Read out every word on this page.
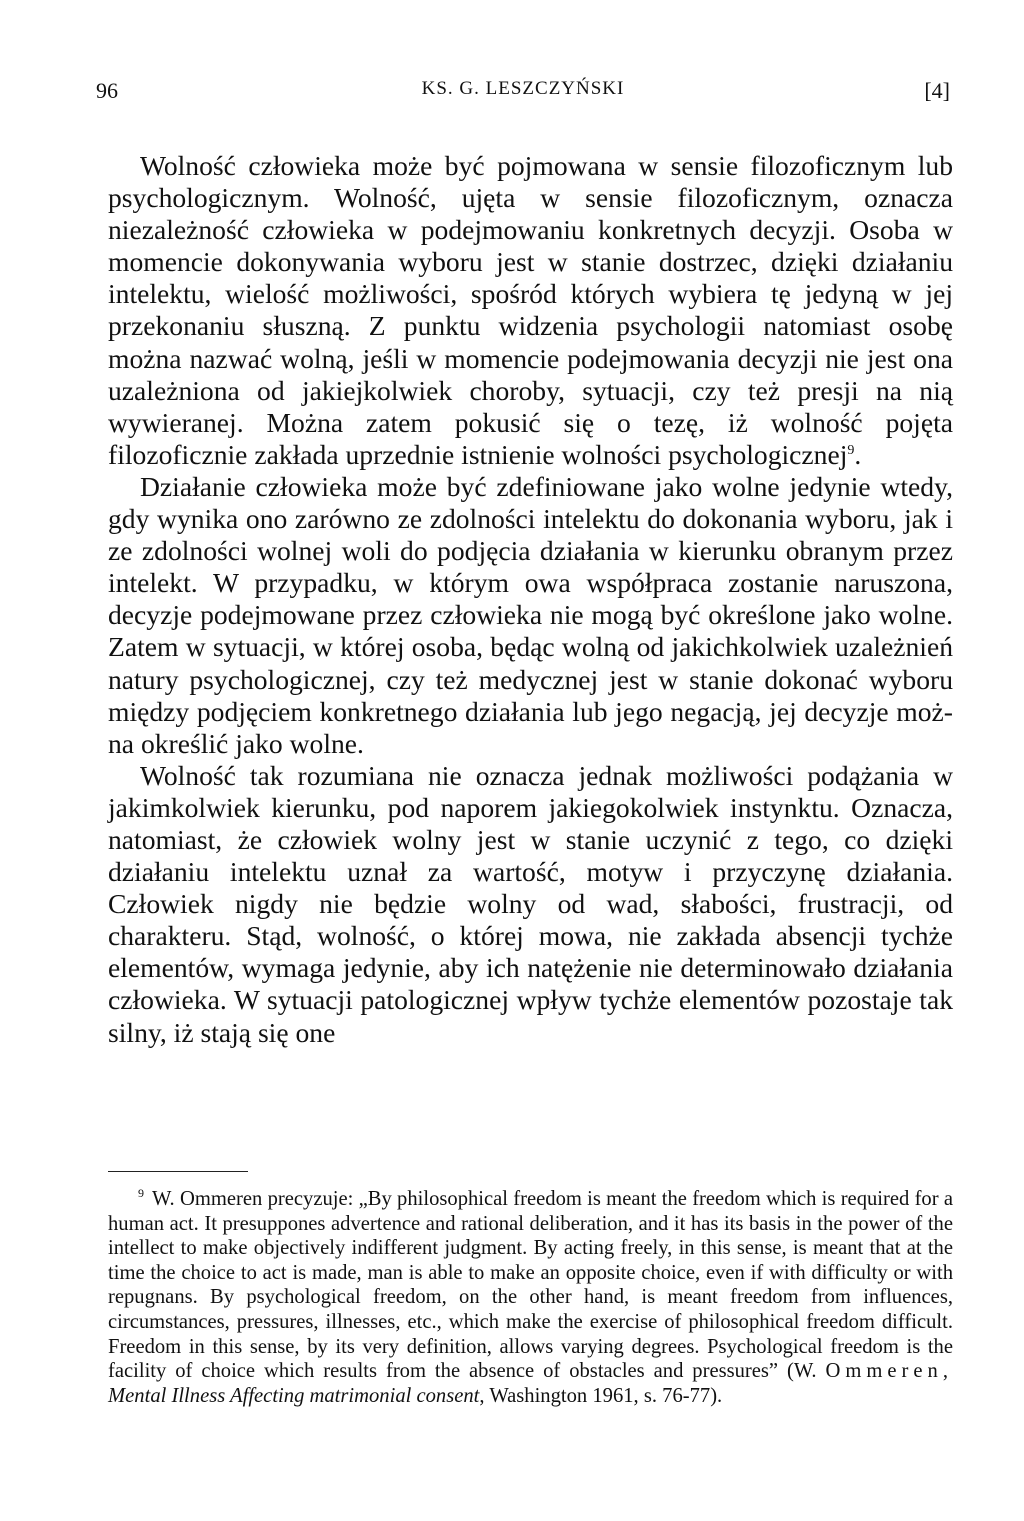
96	KS. G. LESZCZYŃSKI	[4]

Wolność człowieka może być pojmowana w sensie filozoficznym lub psychologicznym. Wolność, ujęta w sensie filozoficznym, oznacza niezależność człowieka w podejmowaniu konkretnych decyzji. Osoba w momencie dokonywania wyboru jest w stanie dostrzec, dzięki działaniu intelektu, wielość możliwości, spośród których wybiera tę jedyną w jej przekonaniu słuszną. Z punktu widzenia psychologii natomiast osobę można nazwać wolną, jeśli w momencie podejmowania decyzji nie jest ona uzależniona od jakiejkolwiek choroby, sytuacji, czy też presji na nią wywieranej. Można zatem pokusić się o tezę, iż wolność pojęta filozoficznie zakłada uprzednie istnienie wolności psychologicznej$^9$.

Działanie człowieka może być zdefiniowane jako wolne jedynie wtedy, gdy wynika ono zarówno ze zdolności intelektu do dokonania wyboru, jak i ze zdolności wolnej woli do podjęcia działania w kierunku obranym przez intelekt. W przypadku, w którym owa współpraca zostanie naruszona, decyzje podejmowane przez człowieka nie mogą być określone jako wolne. Zatem w sytuacji, w której osoba, będąc wolną od jakichkolwiek uzależnień natury psychologicznej, czy też medycznej jest w stanie dokonać wyboru między podjęciem konkretnego działania lub jego negacją, jej decyzje można określić jako wolne.

Wolność tak rozumiana nie oznacza jednak możliwości podążania w jakimkolwiek kierunku, pod naporem jakiegokolwiek instynktu. Oznacza, natomiast, że człowiek wolny jest w stanie uczynić z tego, co dzięki działaniu intelektu uznał za wartość, motyw i przyczynę działania. Człowiek nigdy nie będzie wolny od wad, słabości, frustracji, od charakteru. Stąd, wolność, o której mowa, nie zakłada absencji tychże elementów, wymaga jedynie, aby ich natężenie nie determinowało działania człowieka. W sytuacji patologicznej wpływ tychże elementów pozostaje tak silny, iż stają się one

$^9$ W. Ommeren precyzuje: „By philosophical freedom is meant the freedom which is required for a human act. It presuppones advertence and rational deliberation, and it has its basis in the power of the intellect to make objectively indifferent judgment. By acting freely, in this sense, is meant that at the time the choice to act is made, man is able to make an opposite choice, even if with difficulty or with repugnans. By psychological freedom, on the other hand, is meant freedom from influences, circumstances, pressures, illnesses, etc., which make the exercise of philosophical freedom difficult. Freedom in this sense, by its very definition, allows varying degrees. Psychological freedom is the facility of choice which results from the absence of obstacles and pressures” (W. Ommeren, Mental Illness Affecting matrimonial consent, Washington 1961, s. 76-77).
